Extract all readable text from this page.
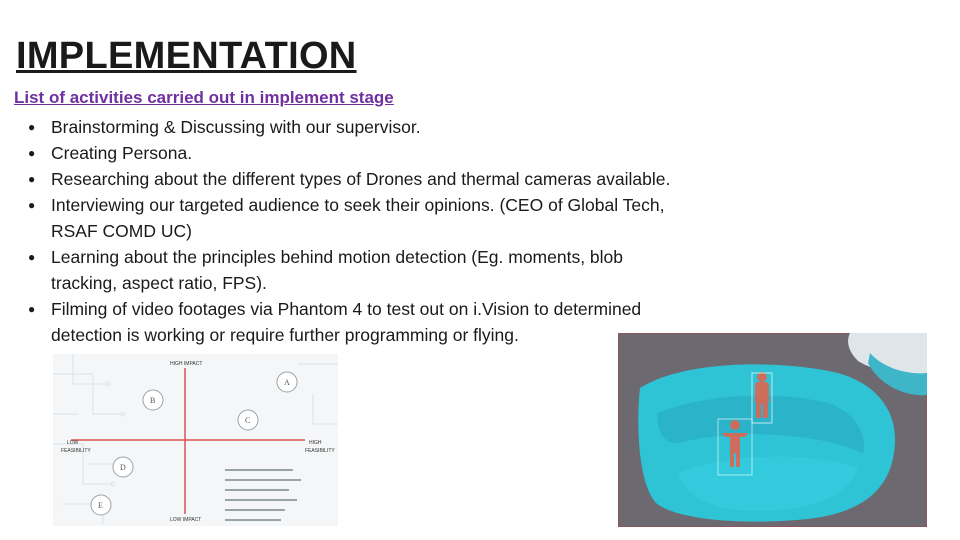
IMPLEMENTATION
List of activities carried out in implement stage
● Brainstorming & Discussing with our supervisor.
● Creating Persona.
● Researching about the different types of Drones and thermal cameras available.
● Interviewing our targeted audience to seek their opinions. (CEO of Global Tech,
RSAF COMD UC)
● Learning about the principles behind motion detection (Eg. moments, blob
tracking, aspect ratio, FPS).
● Filming of video footages via Phantom 4 to test out on i.Vision to determined
detection is working or require further programming or flying.
HIGH IMPACT
LOW IMPACT
LOW
FEASIBILITY
HIGH
FEASIBILITY
A
B
C
D
E
